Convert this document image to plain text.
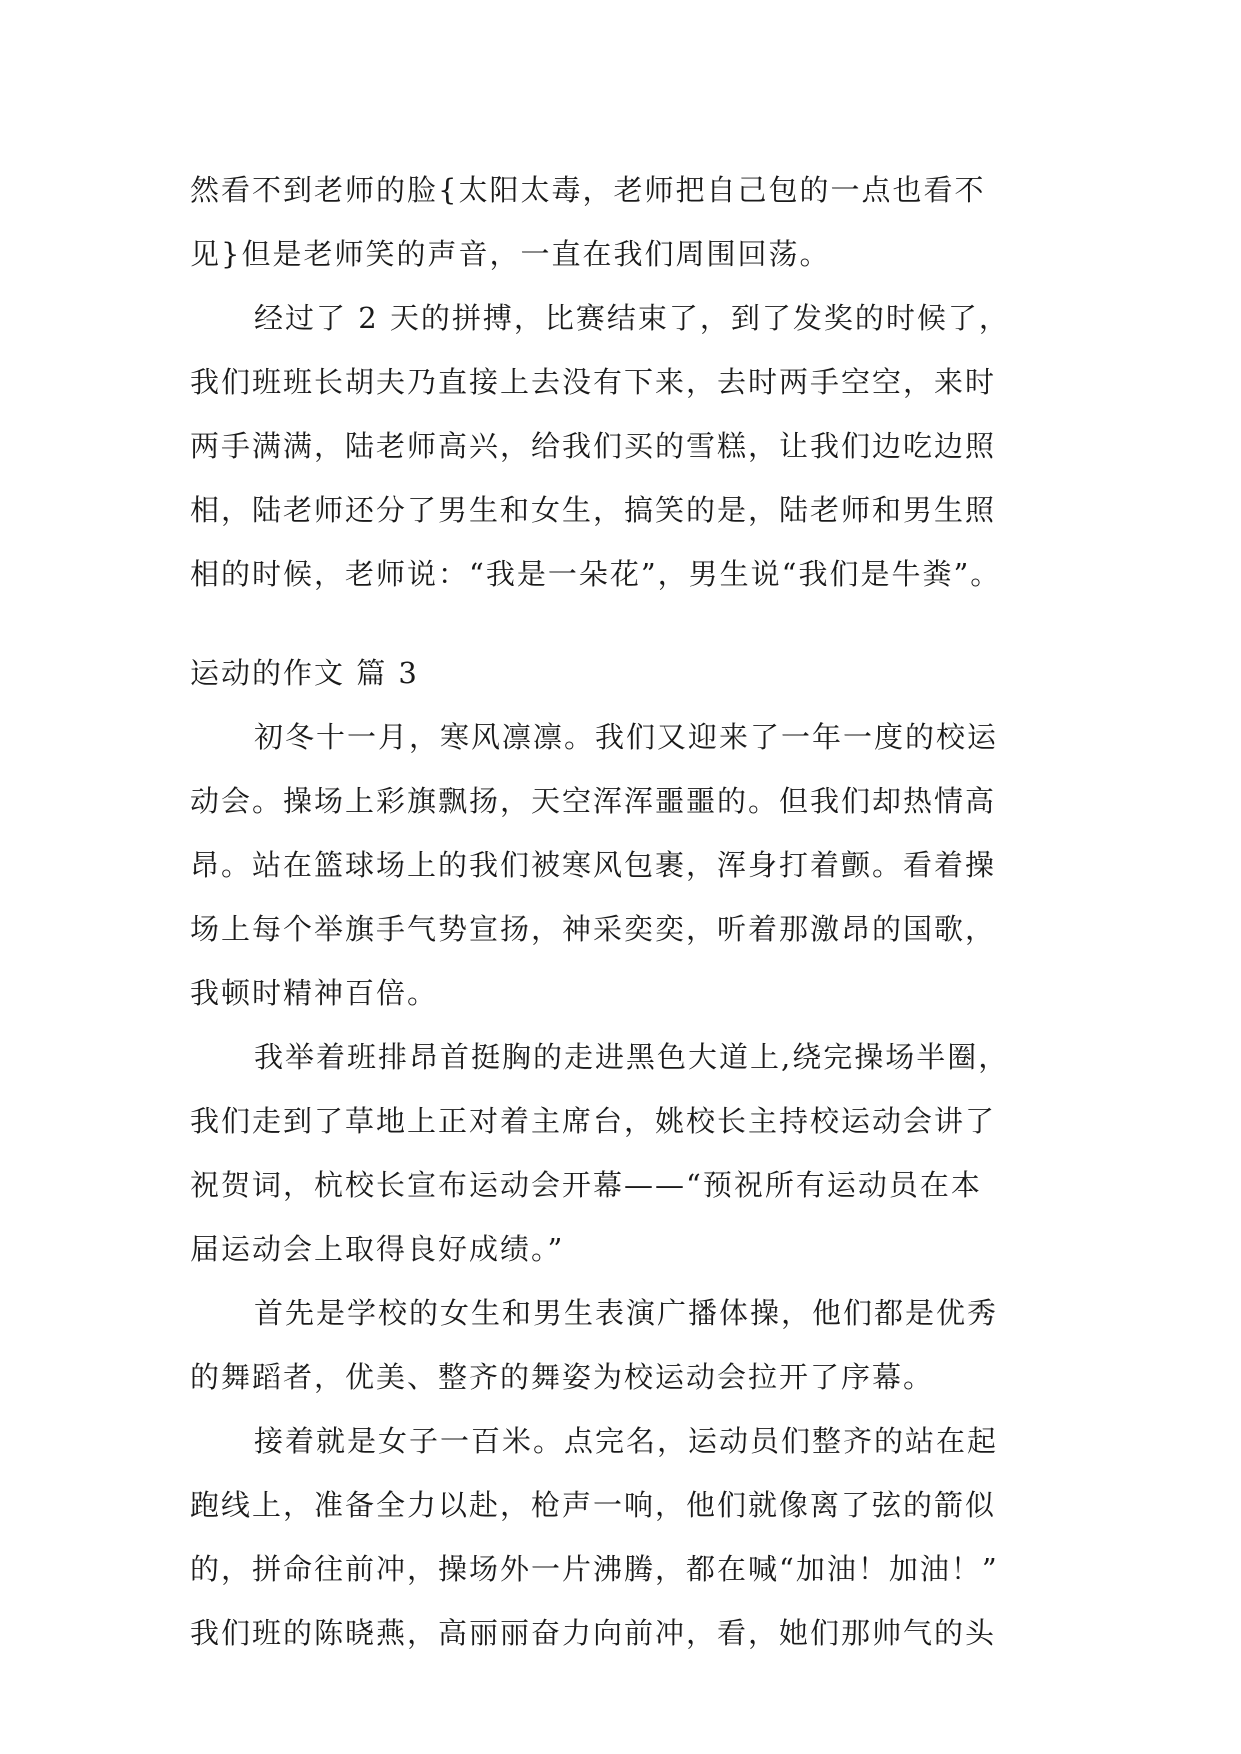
然看不到老师的脸{太阳太毒，老师把自己包的一点也看不
见}但是老师笑的声音，一直在我们周围回荡。
经过了 2 天的拼搏，比赛结束了，到了发奖的时候了，
我们班班长胡夫乃直接上去没有下来，去时两手空空，来时
两手满满，陆老师高兴，给我们买的雪糕，让我们边吃边照
相，陆老师还分了男生和女生，搞笑的是，陆老师和男生照
相的时候，老师说：“我是一朵花”，男生说“我们是牛粪”。
运动的作文 篇 3
初冬十一月，寒风凛凛。我们又迎来了一年一度的校运
动会。操场上彩旗飘扬，天空浑浑噩噩的。但我们却热情高
昂。站在篮球场上的我们被寒风包裹，浑身打着颤。看着操
场上每个举旗手气势宣扬，神采奕奕，听着那激昂的国歌，
我顿时精神百倍。
我举着班排昂首挺胸的走进黑色大道上,绕完操场半圈，
我们走到了草地上正对着主席台，姚校长主持校运动会讲了
祝贺词，杭校长宣布运动会开幕——“预祝所有运动员在本
届运动会上取得良好成绩。”
首先是学校的女生和男生表演广播体操，他们都是优秀
的舞蹈者，优美、整齐的舞姿为校运动会拉开了序幕。
接着就是女子一百米。点完名，运动员们整齐的站在起
跑线上，准备全力以赴，枪声一响，他们就像离了弦的箭似
的，拼命往前冲，操场外一片沸腾，都在喊“加油！加油！”
我们班的陈晓燕，高丽丽奋力向前冲，看，她们那帅气的头
